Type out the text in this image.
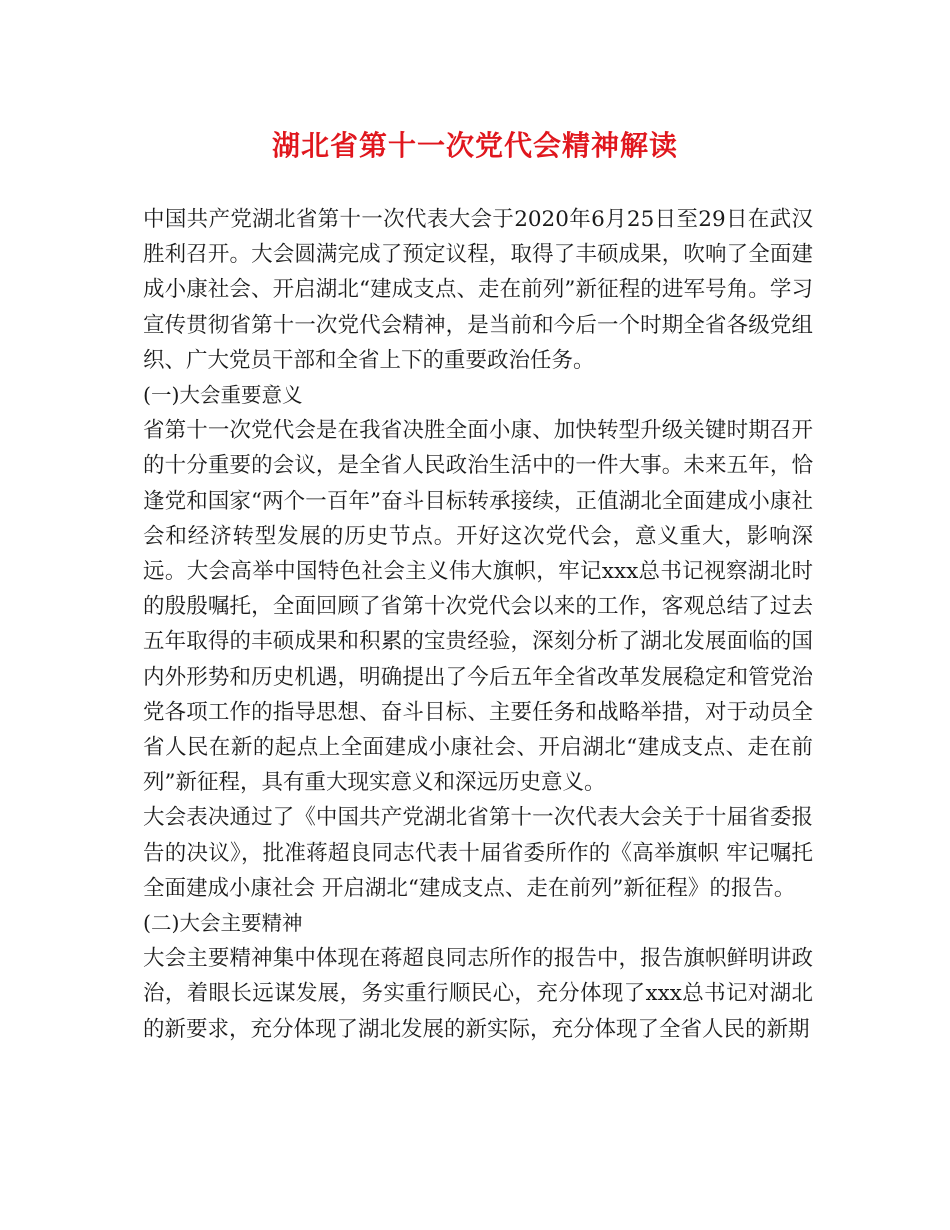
湖北省第十一次党代会精神解读

中国共产党湖北省第十一次代表大会于2020年6月25日至29日在武汉胜利召开。大会圆满完成了预定议程，取得了丰硕成果，吹响了全面建成小康社会、开启湖北“建成支点、走在前列”新征程的进军号角。学习宣传贯彻省第十一次党代会精神，是当前和今后一个时期全省各级党组织、广大党员干部和全省上下的重要政治任务。

(一)大会重要意义

省第十一次党代会是在我省决胜全面小康、加快转型升级关键时期召开的十分重要的会议，是全省人民政治生活中的一件大事。未来五年，恰逢党和国家“两个一百年”奋斗目标转承接续，正值湖北全面建成小康社会和经济转型发展的历史节点。开好这次党代会，意义重大，影响深远。大会高举中国特色社会主义伟大旗帜，牢记xxx总书记视察湖北时的殷殷嘱托，全面回顾了省第十次党代会以来的工作，客观总结了过去五年取得的丰硕成果和积累的宝贵经验，深刻分析了湖北发展面临的国内外形势和历史机遇，明确提出了今后五年全省改革发展稳定和管党治党各项工作的指导思想、奋斗目标、主要任务和战略举措，对于动员全省人民在新的起点上全面建成小康社会、开启湖北“建成支点、走在前列”新征程，具有重大现实意义和深远历史意义。

大会表决通过了《中国共产党湖北省第十一次代表大会关于十届省委报告的决议》，批准蒋超良同志代表十届省委所作的《高举旗帜 牢记嘱托 全面建成小康社会 开启湖北“建成支点、走在前列”新征程》的报告。

(二)大会主要精神

大会主要精神集中体现在蒋超良同志所作的报告中，报告旗帜鲜明讲政治，着眼长远谋发展，务实重行顺民心，充分体现了xxx总书记对湖北的新要求，充分体现了湖北发展的新实际，充分体现了全省人民的新期
